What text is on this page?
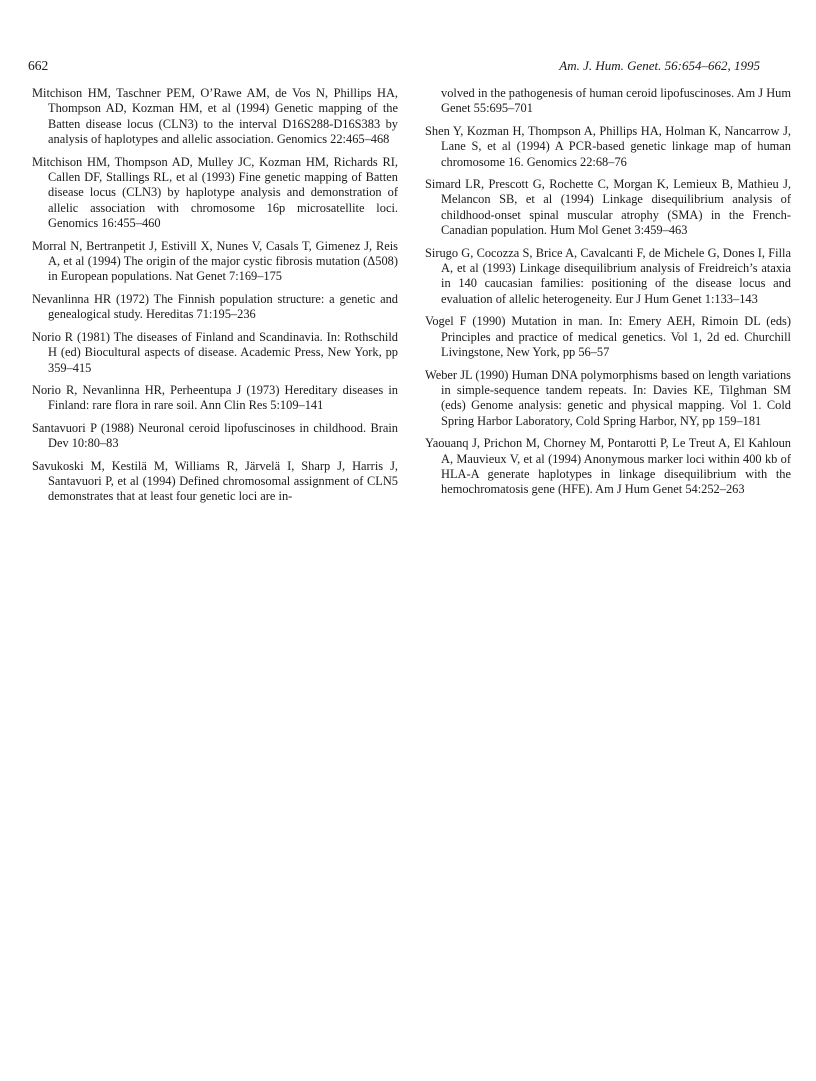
662	Am. J. Hum. Genet. 56:654–662, 1995

Mitchison HM, Taschner PEM, O’Rawe AM, de Vos N, Phillips HA, Thompson AD, Kozman HM, et al (1994) Genetic mapping of the Batten disease locus (CLN3) to the interval D16S288-D16S383 by analysis of haplotypes and allelic association. Genomics 22:465–468

Mitchison HM, Thompson AD, Mulley JC, Kozman HM, Richards RI, Callen DF, Stallings RL, et al (1993) Fine genetic mapping of Batten disease locus (CLN3) by haplotype analysis and demonstration of allelic association with chromosome 16p microsatellite loci. Genomics 16:455–460

Morral N, Bertranpetit J, Estivill X, Nunes V, Casals T, Gimenez J, Reis A, et al (1994) The origin of the major cystic fibrosis mutation (Δ508) in European populations. Nat Genet 7:169–175

Nevanlinna HR (1972) The Finnish population structure: a genetic and genealogical study. Hereditas 71:195–236

Norio R (1981) The diseases of Finland and Scandinavia. In: Rothschild H (ed) Biocultural aspects of disease. Academic Press, New York, pp 359–415

Norio R, Nevanlinna HR, Perheentupa J (1973) Hereditary diseases in Finland: rare flora in rare soil. Ann Clin Res 5:109–141

Santavuori P (1988) Neuronal ceroid lipofuscinoses in childhood. Brain Dev 10:80–83

Savukoski M, Kestilä M, Williams R, Järvelä I, Sharp J, Harris J, Santavuori P, et al (1994) Defined chromosomal assignment of CLN5 demonstrates that at least four genetic loci are in-

volved in the pathogenesis of human ceroid lipofuscinoses. Am J Hum Genet 55:695–701

Shen Y, Kozman H, Thompson A, Phillips HA, Holman K, Nancarrow J, Lane S, et al (1994) A PCR-based genetic linkage map of human chromosome 16. Genomics 22:68–76

Simard LR, Prescott G, Rochette C, Morgan K, Lemieux B, Mathieu J, Melancon SB, et al (1994) Linkage disequilibrium analysis of childhood-onset spinal muscular atrophy (SMA) in the French-Canadian population. Hum Mol Genet 3:459–463

Sirugo G, Cocozza S, Brice A, Cavalcanti F, de Michele G, Dones I, Filla A, et al (1993) Linkage disequilibrium analysis of Freidreich’s ataxia in 140 caucasian families: positioning of the disease locus and evaluation of allelic heterogeneity. Eur J Hum Genet 1:133–143

Vogel F (1990) Mutation in man. In: Emery AEH, Rimoin DL (eds) Principles and practice of medical genetics. Vol 1, 2d ed. Churchill Livingstone, New York, pp 56–57

Weber JL (1990) Human DNA polymorphisms based on length variations in simple-sequence tandem repeats. In: Davies KE, Tilghman SM (eds) Genome analysis: genetic and physical mapping. Vol 1. Cold Spring Harbor Laboratory, Cold Spring Harbor, NY, pp 159–181

Yaouanq J, Prichon M, Chorney M, Pontarotti P, Le Treut A, El Kahloun A, Mauvieux V, et al (1994) Anonymous marker loci within 400 kb of HLA-A generate haplotypes in linkage disequilibrium with the hemochromatosis gene (HFE). Am J Hum Genet 54:252–263
